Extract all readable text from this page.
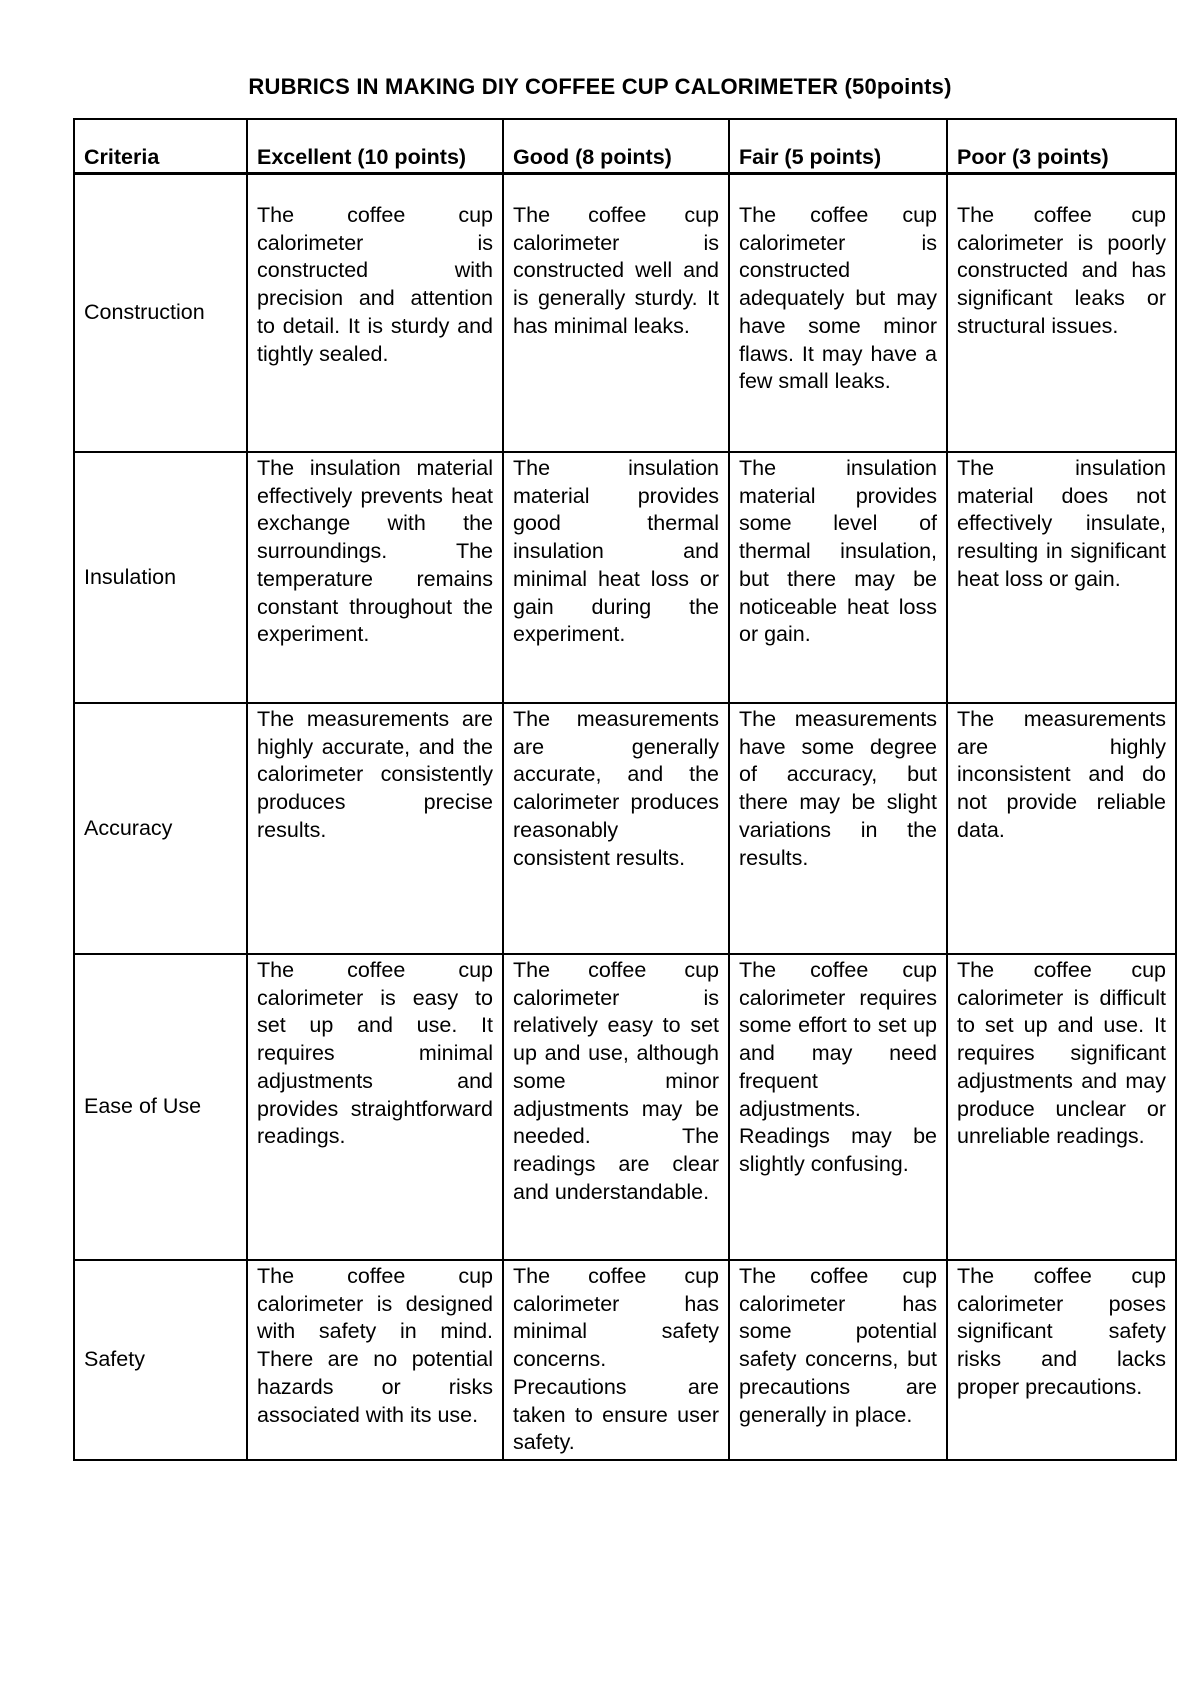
RUBRICS IN MAKING DIY COFFEE CUP CALORIMETER (50points)
Criteria	Excellent (10 points)	Good (8 points)	Fair (5 points)	Poor (3 points)
Construction	The coffee cup calorimeter is constructed with precision and attention to detail. It is sturdy and tightly sealed.	The coffee cup calorimeter is constructed well and is generally sturdy. It has minimal leaks.	The coffee cup calorimeter is constructed adequately but may have some minor flaws. It may have a few small leaks.	The coffee cup calorimeter is poorly constructed and has significant leaks or structural issues.
Insulation	The insulation material effectively prevents heat exchange with the surroundings. The temperature remains constant throughout the experiment.	The insulation material provides good thermal insulation and minimal heat loss or gain during the experiment.	The insulation material provides some level of thermal insulation, but there may be noticeable heat loss or gain.	The insulation material does not effectively insulate, resulting in significant heat loss or gain.
Accuracy	The measurements are highly accurate, and the calorimeter consistently produces precise results.	The measurements are generally accurate, and the calorimeter produces reasonably consistent results.	The measurements have some degree of accuracy, but there may be slight variations in the results.	The measurements are highly inconsistent and do not provide reliable data.
Ease of Use	The coffee cup calorimeter is easy to set up and use. It requires minimal adjustments and provides straightforward readings.	The coffee cup calorimeter is relatively easy to set up and use, although some minor adjustments may be needed. The readings are clear and understandable.	The coffee cup calorimeter requires some effort to set up and may need frequent adjustments. Readings may be slightly confusing.	The coffee cup calorimeter is difficult to set up and use. It requires significant adjustments and may produce unclear or unreliable readings.
Safety	The coffee cup calorimeter is designed with safety in mind. There are no potential hazards or risks associated with its use.	The coffee cup calorimeter has minimal safety concerns. Precautions are taken to ensure user safety.	The coffee cup calorimeter has some potential safety concerns, but precautions are generally in place.	The coffee cup calorimeter poses significant safety risks and lacks proper precautions.
